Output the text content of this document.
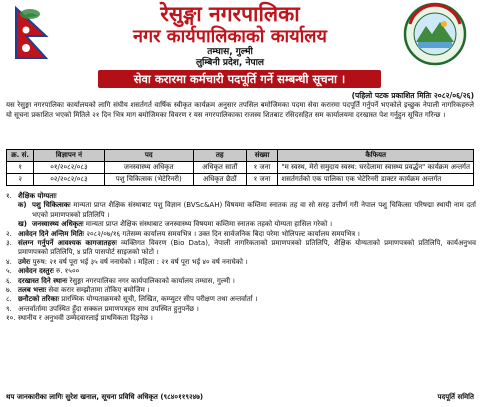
रेसुङ्गा नगरपालिका
नगर कार्यपालिकाको कार्यालय
तम्घास, गुल्मी
लुम्बिनी प्रदेश, नेपाल
सेवा करारमा कर्मचारी पदपूर्ति गर्ने सम्बन्धी सूचना ।
(पहिलो पटक प्रकाशित मितिः २०८२/०६/२६)
यस रेसुङ्गा नगरपालिका कार्यालयको लागि संघीय शसर्तगर्त वार्षिक स्वीकृत कार्यक्रम अनुसार तपसिल बमोजिमका पदमा सेवा करारमा पदपूर्ति गर्नुपर्ने भएकोले इच्छुक नेपाली नागरिकहरुले यो सूचना प्रकाशित भएको मितिले २१ दिन भित्र माग बमोजिमका विवरण र यस नगरपालिकाका राजस्व शितबाट रसिदसहित सम कार्यालयमा दरखास्त पेश गर्नुहुन सूचित गरिन्छ ।
क्र. सं.	विज्ञापन नं	पद	तह	संख्या	कैफियत
१	०१/२०८२/०८३	जनस्वास्थ्य अधिकृत	अधिकृत सातौं	१ जना	"म स्वस्थ, मेरो समुदाय स्वस्थ: घरदेलामा स्वास्थ्य प्रवर्द्धन" कार्यक्रम अन्तर्गत
२	०२/२०८२/०८३	पशु चिकित्सक (भेटेरिनरी)	अधिकृत छैठौं	१ जना	शसर्तगर्तको एक पालिका एक भेटेरिनरी डाक्टर कार्यक्रम अन्तर्गत
१. शैक्षिक योग्यताः
क) पशु चिकित्सकः मान्यता प्राप्त शैक्षिक संस्थाबाट पशु विज्ञान (BVSc&AH) विषयमा कम्तिमा स्नातक तह वा सो सरह उत्तीर्ण गरी नेपाल पशु चिकित्सा परिषद्मा स्थायी नाम दर्ता भएको प्रमाणपत्रको प्रतिलिपि ।
ख) जनस्वास्थ्य अधिकृतः मान्यता प्राप्त शैक्षिक संस्थाबाट जनस्वास्थ्य विषयमा कम्तिमा स्नातक तहको योग्यता हासिल गरेको ।
२. आवेदन दिने अन्तिम मितिः २०८२/०७/१६ गतेसम्म कार्यालय समयभित्र । उक्त दिन सार्वजनिक बिदा परेमा भोलिपल्ट कार्यालय समयभित्र ।
३. संलग्न गर्नुपर्ने आवश्यक कागजातहरुः व्यक्तिगत विवरण (Bio Data), नेपाली नागरिकताको प्रमाणपत्रको प्रतिलिपि, शैक्षिक योग्यताको प्रमाणपत्रको प्रतिलिपि, कार्यअनुभव प्रमाणपत्रको प्रतिलिपि, ४ प्रति पासपोर्ट साइजको फोटो ।
४. उमेरः पुरुष: २१ वर्ष पूरा भई ३५ वर्ष ननाघेको । महिला : २१ वर्ष पूरा भई ४० वर्ष ननाघेको ।
५. आवेदन दस्तुरः रु. १५००
६. दरखास्त दिने स्थानः रेसुङ्गा नगरपालिका नगर कार्यपालिकाको कार्यालय तम्घास, गुल्मी ।
७. तलब भत्ताः सेवा करार सम्झौतामा तोकिए बमोजिम ।
८. छनौटको तरिकाः प्रारम्भिक योग्यताक्रमको सूची, लिखित, कम्प्युटर सीप परीक्षण तथा अन्तर्वार्ता ।
९. अन्तर्वार्तामा उपस्थित हुँदा सक्कल प्रमाणपत्रहरु साथ उपस्थित हुनुपर्नेछ ।
१०. स्थानीय र अनुभवी उम्मेदवारलाई प्राथमिकता दिइनेछ ।
थप जानकारीका लागिः सुरेश खनाल, सूचना प्रविधि अधिकृत (९८४०११९२४७)	पदपूर्ति समिति
